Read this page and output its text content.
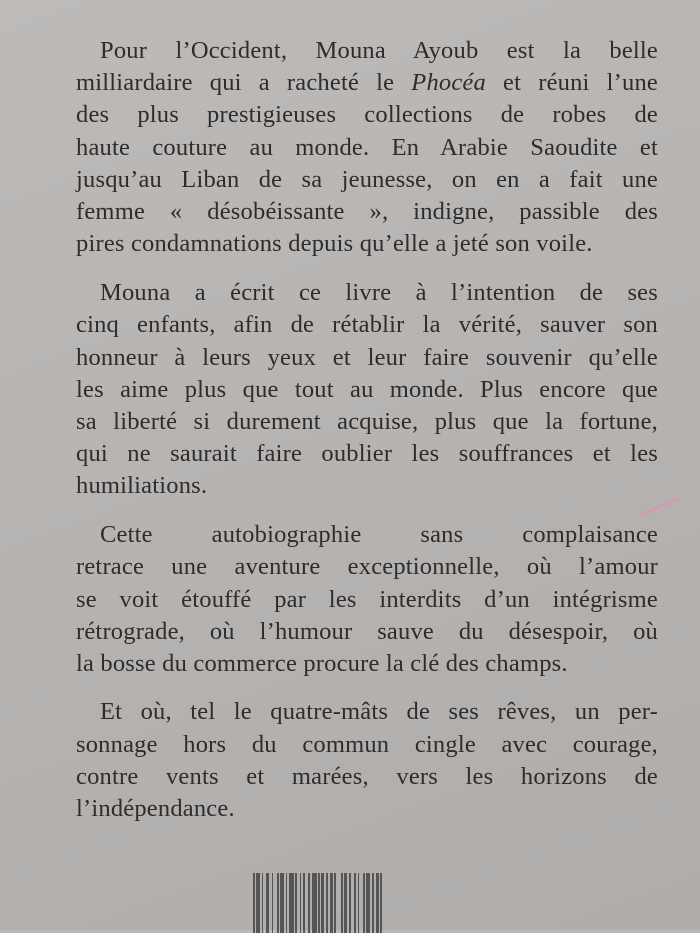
Pour l’Occident, Mouna Ayoub est la belle
milliardaire qui a racheté le Phocéa et réuni l’une
des plus prestigieuses collections de robes de
haute couture au monde. En Arabie Saoudite et
jusqu’au Liban de sa jeunesse, on en a fait une
femme « désobéissante », indigne, passible des
pires condamnations depuis qu’elle a jeté son voile.
Mouna a écrit ce livre à l’intention de ses
cinq enfants, afin de rétablir la vérité, sauver son
honneur à leurs yeux et leur faire souvenir qu’elle
les aime plus que tout au monde. Plus encore que
sa liberté si durement acquise, plus que la fortune,
qui ne saurait faire oublier les souffrances et les
humiliations.
Cette autobiographie sans complaisance
retrace une aventure exceptionnelle, où l’amour
se voit étouffé par les interdits d’un intégrisme
rétrograde, où l’humour sauve du désespoir, où
la bosse du commerce procure la clé des champs.
Et où, tel le quatre-mâts de ses rêves, un per-
sonnage hors du commun cingle avec courage,
contre vents et marées, vers les horizons de
l’indépendance.
